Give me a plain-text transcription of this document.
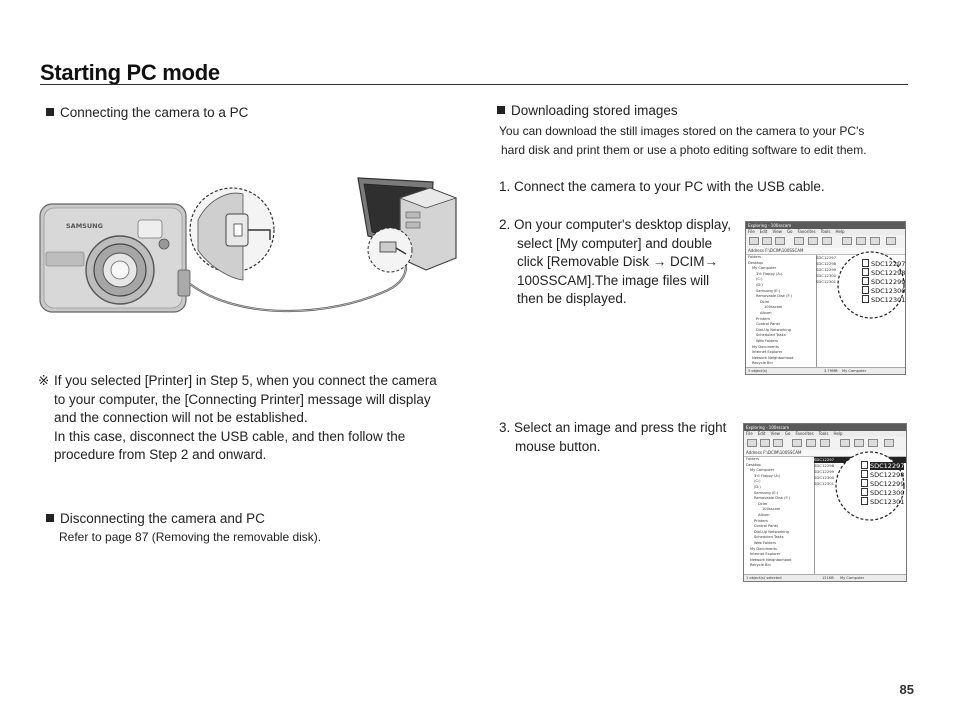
Starting PC mode
Connecting the camera to a PC
SAMSUNG
※ If you selected [Printer] in Step 5, when you connect the camera
to your computer, the [Connecting Printer] message will display
and the connection will not be established.
In this case, disconnect the USB cable, and then follow the
procedure from Step 2 and onward.
Disconnecting the camera and PC
Refer to page 87 (Removing the removable disk).
Downloading stored images
You can download the still images stored on the camera to your PC's
hard disk and print them or use a photo editing software to edit them.
1. Connect the camera to your PC with the USB cable.
2. On your computer's desktop display,
select [My computer] and double
click [Removable Disk → DCIM→
100SSCAM].The image files will
then be displayed.
3. Select an image and press the right
mouse button.
Exploring - 100sscam
File Edit View Go Favorites Tools Help
Address F:\DCIM\100SSCAM
Folders
Desktop
My Computer
3½ Floppy (A:)
(C:)
(D:)
Samsung (E:)
Removable Disk (F:)
Dcim
100sscam
Album
Printers
Control Panel
Dial-Up Networking
Scheduled Tasks
Web Folders
My Documents
Internet Explorer
Network Neighborhood
Recycle Bin
SDC12297
SDC12298
SDC12299
SDC12300
SDC12301
5 object(s)	3.79MB My Computer
SDC12297
SDC12298
SDC12299
SDC12300
SDC12301
Exploring - 100sscam
File Edit View Go Favorites Tools Help
Address F:\DCIM\100SSCAM
Folders
Desktop
My Computer
3½ Floppy (A:)
(C:)
(D:)
Samsung (E:)
Removable Disk (F:)
Dcim
100sscam
Album
Printers
Control Panel
Dial-Up Networking
Scheduled Tasks
Web Folders
My Documents
Internet Explorer
Network Neighborhood
Recycle Bin
SDC12297
SDC12298
SDC12299
SDC12300
SDC12301
1 object(s) selected	121KB My Computer
SDC12297
SDC12298
SDC12299
SDC12300
SDC12301
85
